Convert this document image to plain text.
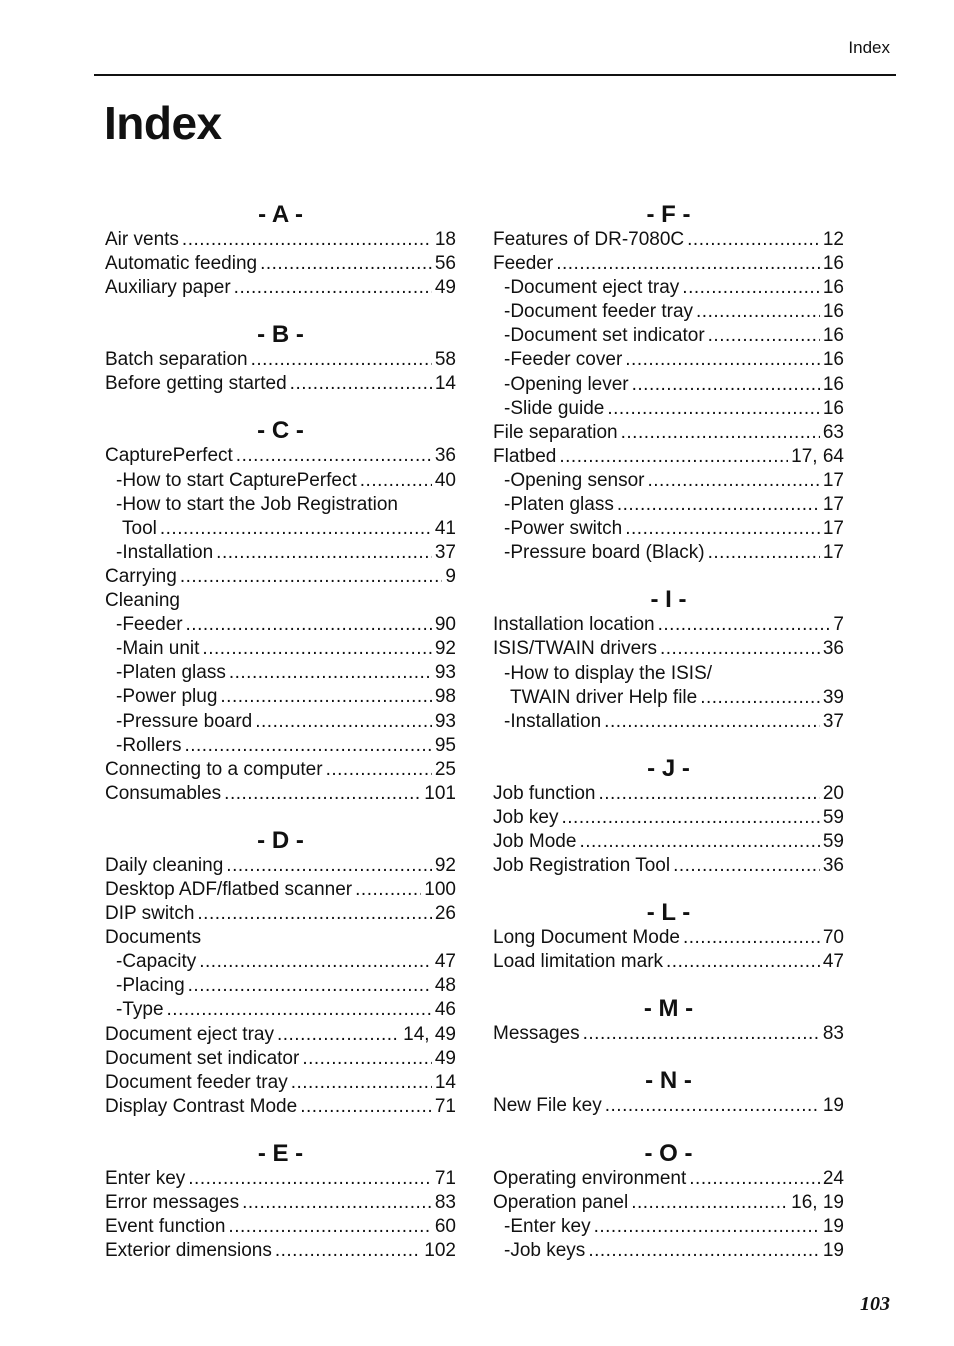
Index
Index
- A -
Air vents .....	18
Automatic feeding .....	56
Auxiliary paper .....	49
- B -
Batch separation .....	58
Before getting started .....	14
- C -
CapturePerfect .....	36
-How to start CapturePerfect .....	40
-How to start the Job Registration
Tool .....	41
-Installation .....	37
Carrying .....	9
Cleaning
-Feeder .....	90
-Main unit .....	92
-Platen glass .....	93
-Power plug .....	98
-Pressure board .....	93
-Rollers .....	95
Connecting to a computer .....	25
Consumables .....	101
- D -
Daily cleaning .....	92
Desktop ADF/flatbed scanner .....	100
DIP switch .....	26
Documents
-Capacity .....	47
-Placing .....	48
-Type .....	46
Document eject tray .....	14, 49
Document set indicator .....	49
Document feeder tray .....	14
Display Contrast Mode .....	71
- E -
Enter key .....	71
Error messages .....	83
Event function .....	60
Exterior dimensions .....	102
- F -
Features of DR-7080C .....	12
Feeder .....	16
-Document eject tray .....	16
-Document feeder tray .....	16
-Document set indicator .....	16
-Feeder cover .....	16
-Opening lever .....	16
-Slide guide .....	16
File separation .....	63
Flatbed .....	17, 64
-Opening sensor .....	17
-Platen glass .....	17
-Power switch .....	17
-Pressure board (Black) .....	17
- I -
Installation location .....	7
ISIS/TWAIN drivers .....	36
-How to display the ISIS/
TWAIN driver Help file .....	39
-Installation .....	37
- J -
Job function .....	20
Job key .....	59
Job Mode .....	59
Job Registration Tool .....	36
- L -
Long Document Mode .....	70
Load limitation mark .....	47
- M -
Messages .....	83
- N -
New File key .....	19
- O -
Operating environment .....	24
Operation panel .....	16, 19
-Enter key .....	19
-Job keys .....	19
103
